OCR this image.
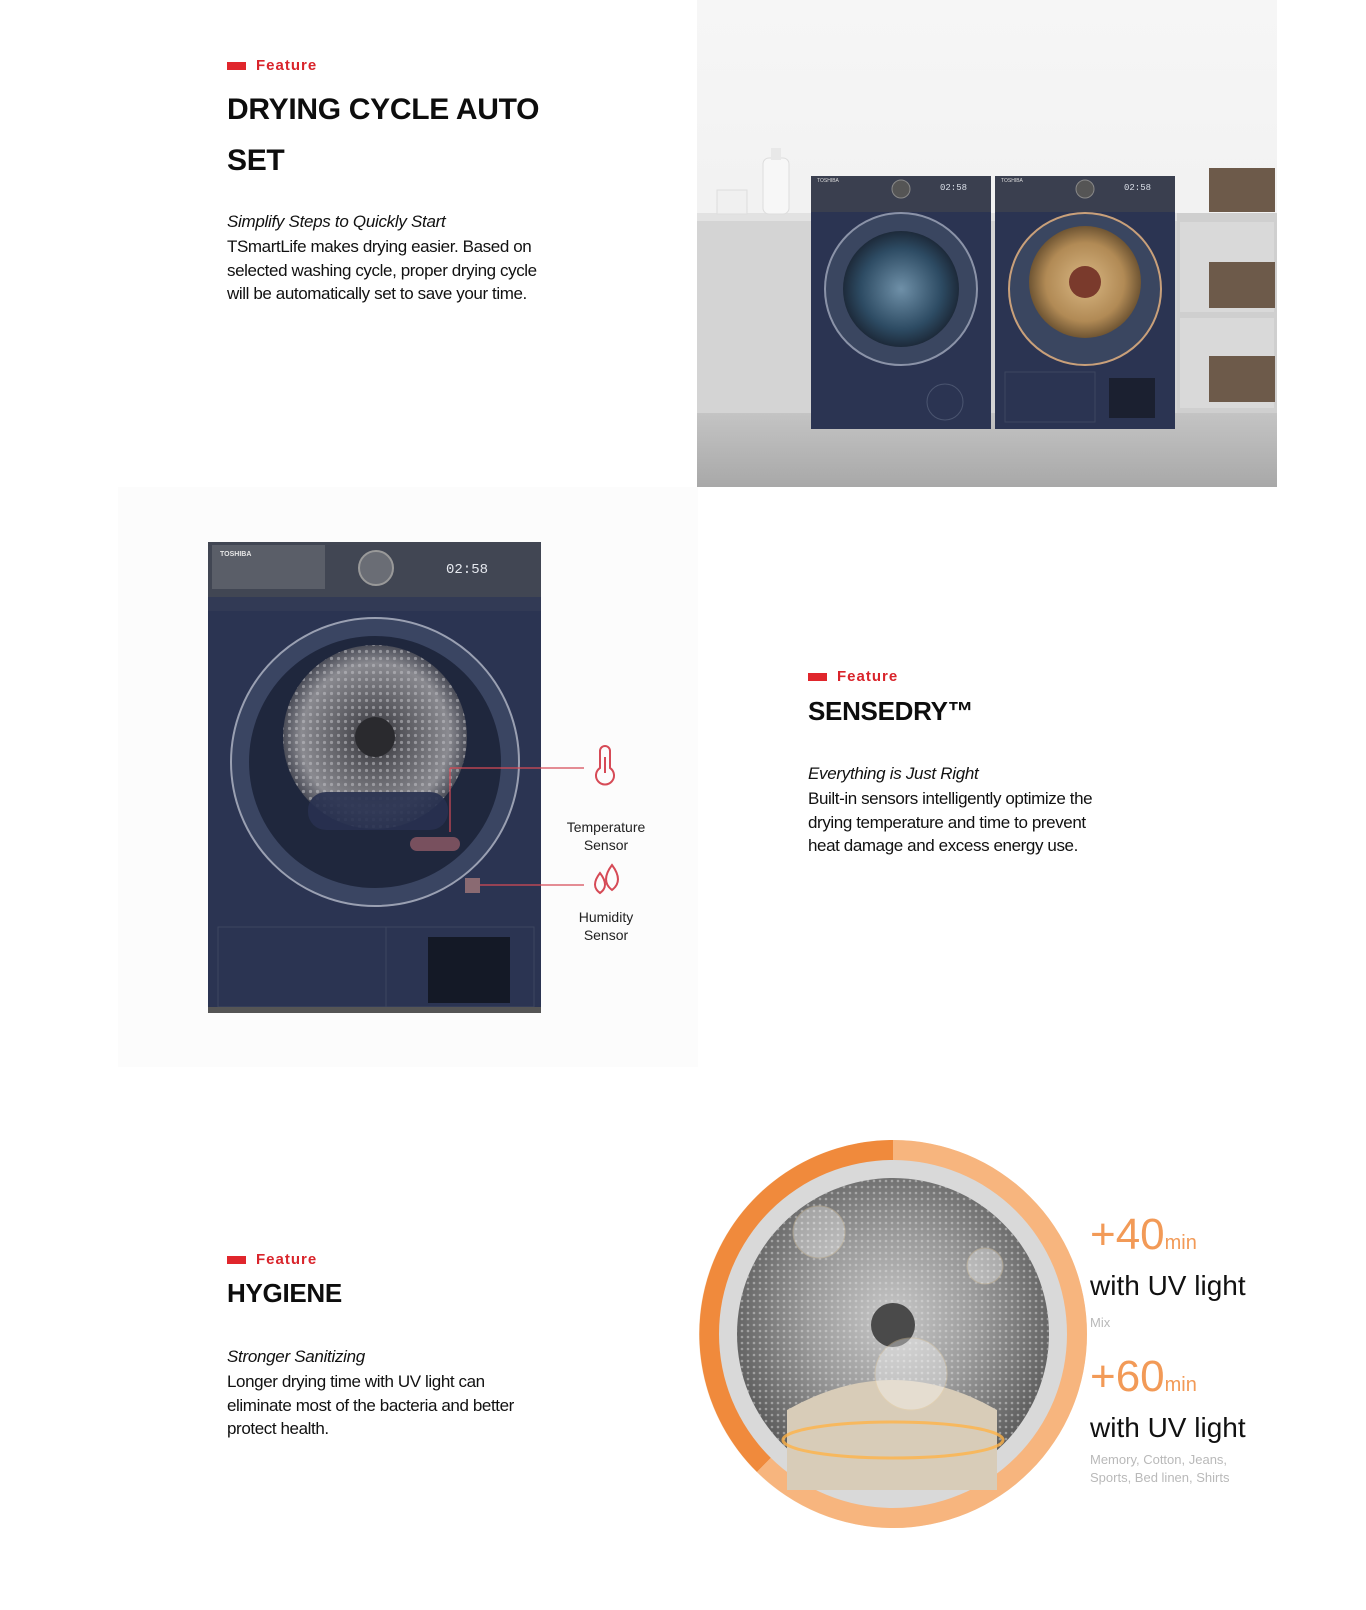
Feature
DRYING CYCLE AUTO
SET
Simplify Steps to Quickly Start
TSmartLife makes drying easier. Based on
selected washing cycle, proper drying cycle
will be automatically set to save your time.
02:58
TOSHIBA
02:58
TOSHIBA
TOSHIBA
02:58
Temperature
Sensor
Humidity
Sensor
Feature
SENSEDRY™
Everything is Just Right
Built-in sensors intelligently optimize the
drying temperature and time to prevent
heat damage and excess energy use.
Feature
HYGIENE
Stronger Sanitizing
Longer drying time with UV light can
eliminate most of the bacteria and better
protect health.
+40min
with UV light
Mix
+60min
with UV light
Memory, Cotton, Jeans,
Sports, Bed linen, Shirts
